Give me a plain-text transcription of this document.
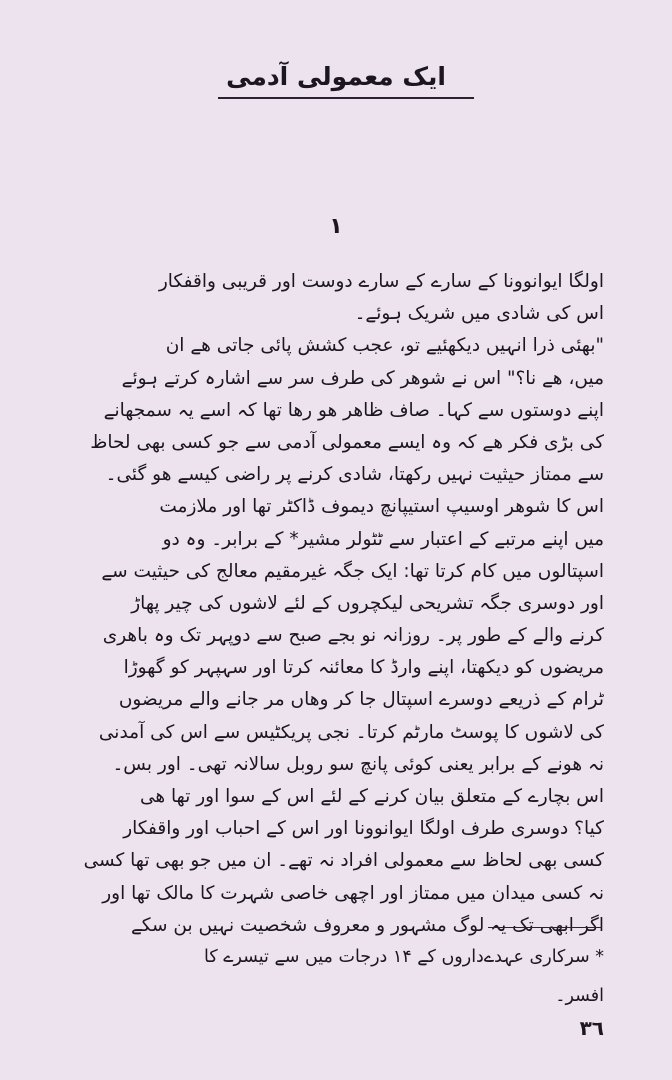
ایک معمولی آدمی
۱
اولگا ایوانوونا کے سارے کے سارے دوست اور قریبی واقفکار
اس کی شادی میں شریک ہوئے۔
"بھئی ذرا انہیں دیکھئیے تو، عجب کشش پائی جاتی ھے ان
میں، ھے نا؟" اس نے شوھر کی طرف سر سے اشارہ کرتے ہوئے
اپنے دوستوں سے کہا۔ صاف ظاھر ھو رھا تھا کہ اسے یہ سمجھانے
کی بڑی فکر ھے کہ وہ ایسے معمولی آدمی سے جو کسی بھی لحاظ
سے ممتاز حیثیت نہیں رکھتا، شادی کرنے پر راضی کیسے ھو گئی۔
اس کا شوھر اوسیپ استیپانچ دیموف ڈاکٹر تھا اور ملازمت
میں اپنے مرتبے کے اعتبار سے ٹٹولر مشیر* کے برابر۔ وہ دو
اسپتالوں میں کام کرتا تھا: ایک جگہ غیرمقیم معالج کی حیثیت سے
اور دوسری جگہ تشریحی لیکچروں کے لئے لاشوں کی چیر پھاڑ
کرنے والے کے طور پر۔ روزانہ نو بجے صبح سے دوپہر تک وہ باھری
مریضوں کو دیکھتا، اپنے وارڈ کا معائنہ کرتا اور سہپہر کو گھوڑا
ٹرام کے ذریعے دوسرے اسپتال جا کر وھاں مر جانے والے مریضوں
کی لاشوں کا پوسٹ مارٹم کرتا۔ نجی پریکٹیس سے اس کی آمدنی
نہ ھونے کے برابر یعنی کوئی پانچ سو روبل سالانہ تھی۔ اور بس۔
اس بچارے کے متعلق بیان کرنے کے لئے اس کے سوا اور تھا ھی
کیا؟ دوسری طرف اولگا ایوانوونا اور اس کے احباب اور واقفکار
کسی بھی لحاظ سے معمولی افراد نہ تھے۔ ان میں جو بھی تھا کسی
نہ کسی میدان میں ممتاز اور اچھی خاصی شہرت کا مالک تھا اور
اگر ابھی تک یہ لوگ مشہور و معروف شخصیت نہیں بن سکے
* سرکاری عہدےداروں کے ۱۴ درجات میں سے تیسرے کا
افسر۔
۳٦
